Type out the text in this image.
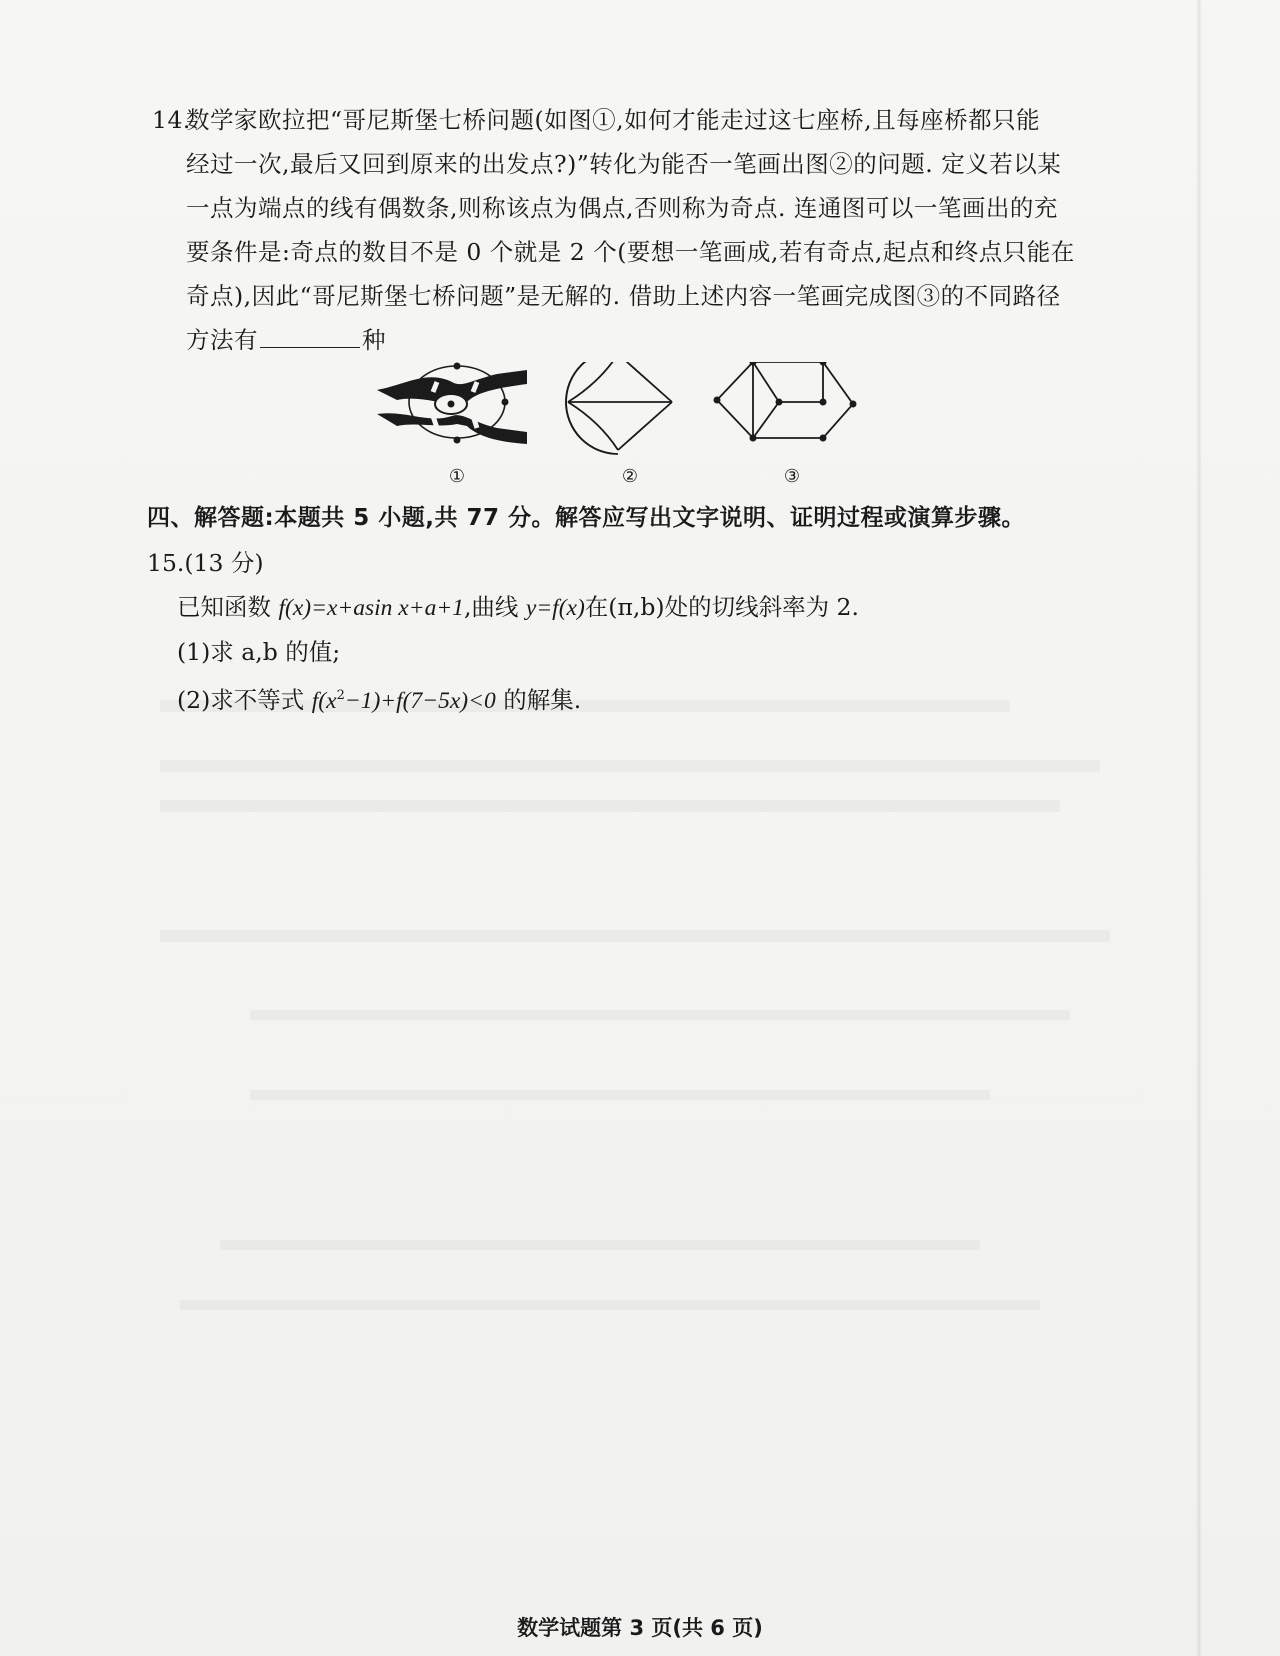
14.数学家欧拉把“哥尼斯堡七桥问题(如图①,如何才能走过这七座桥,且每座桥都只能
经过一次,最后又回到原来的出发点?)”转化为能否一笔画出图②的问题. 定义若以某
一点为端点的线有偶数条,则称该点为偶点,否则称为奇点. 连通图可以一笔画出的充
要条件是:奇点的数目不是 0 个就是 2 个(要想一笔画成,若有奇点,起点和终点只能在
奇点),因此“哥尼斯堡七桥问题”是无解的. 借助上述内容一笔画完成图③的不同路径
方法有	种
①	②	③
四、解答题:本题共 5 小题,共 77 分。解答应写出文字说明、证明过程或演算步骤。
15.(13 分)
已知函数 f(x)=x+asin x+a+1,曲线 y=f(x)在(π,b)处的切线斜率为 2.
(1)求 a,b 的值;
(2)求不等式 $f(x^2-1)+f(7-5x)<0$ 的解集.
数学试题第 3 页(共 6 页)
